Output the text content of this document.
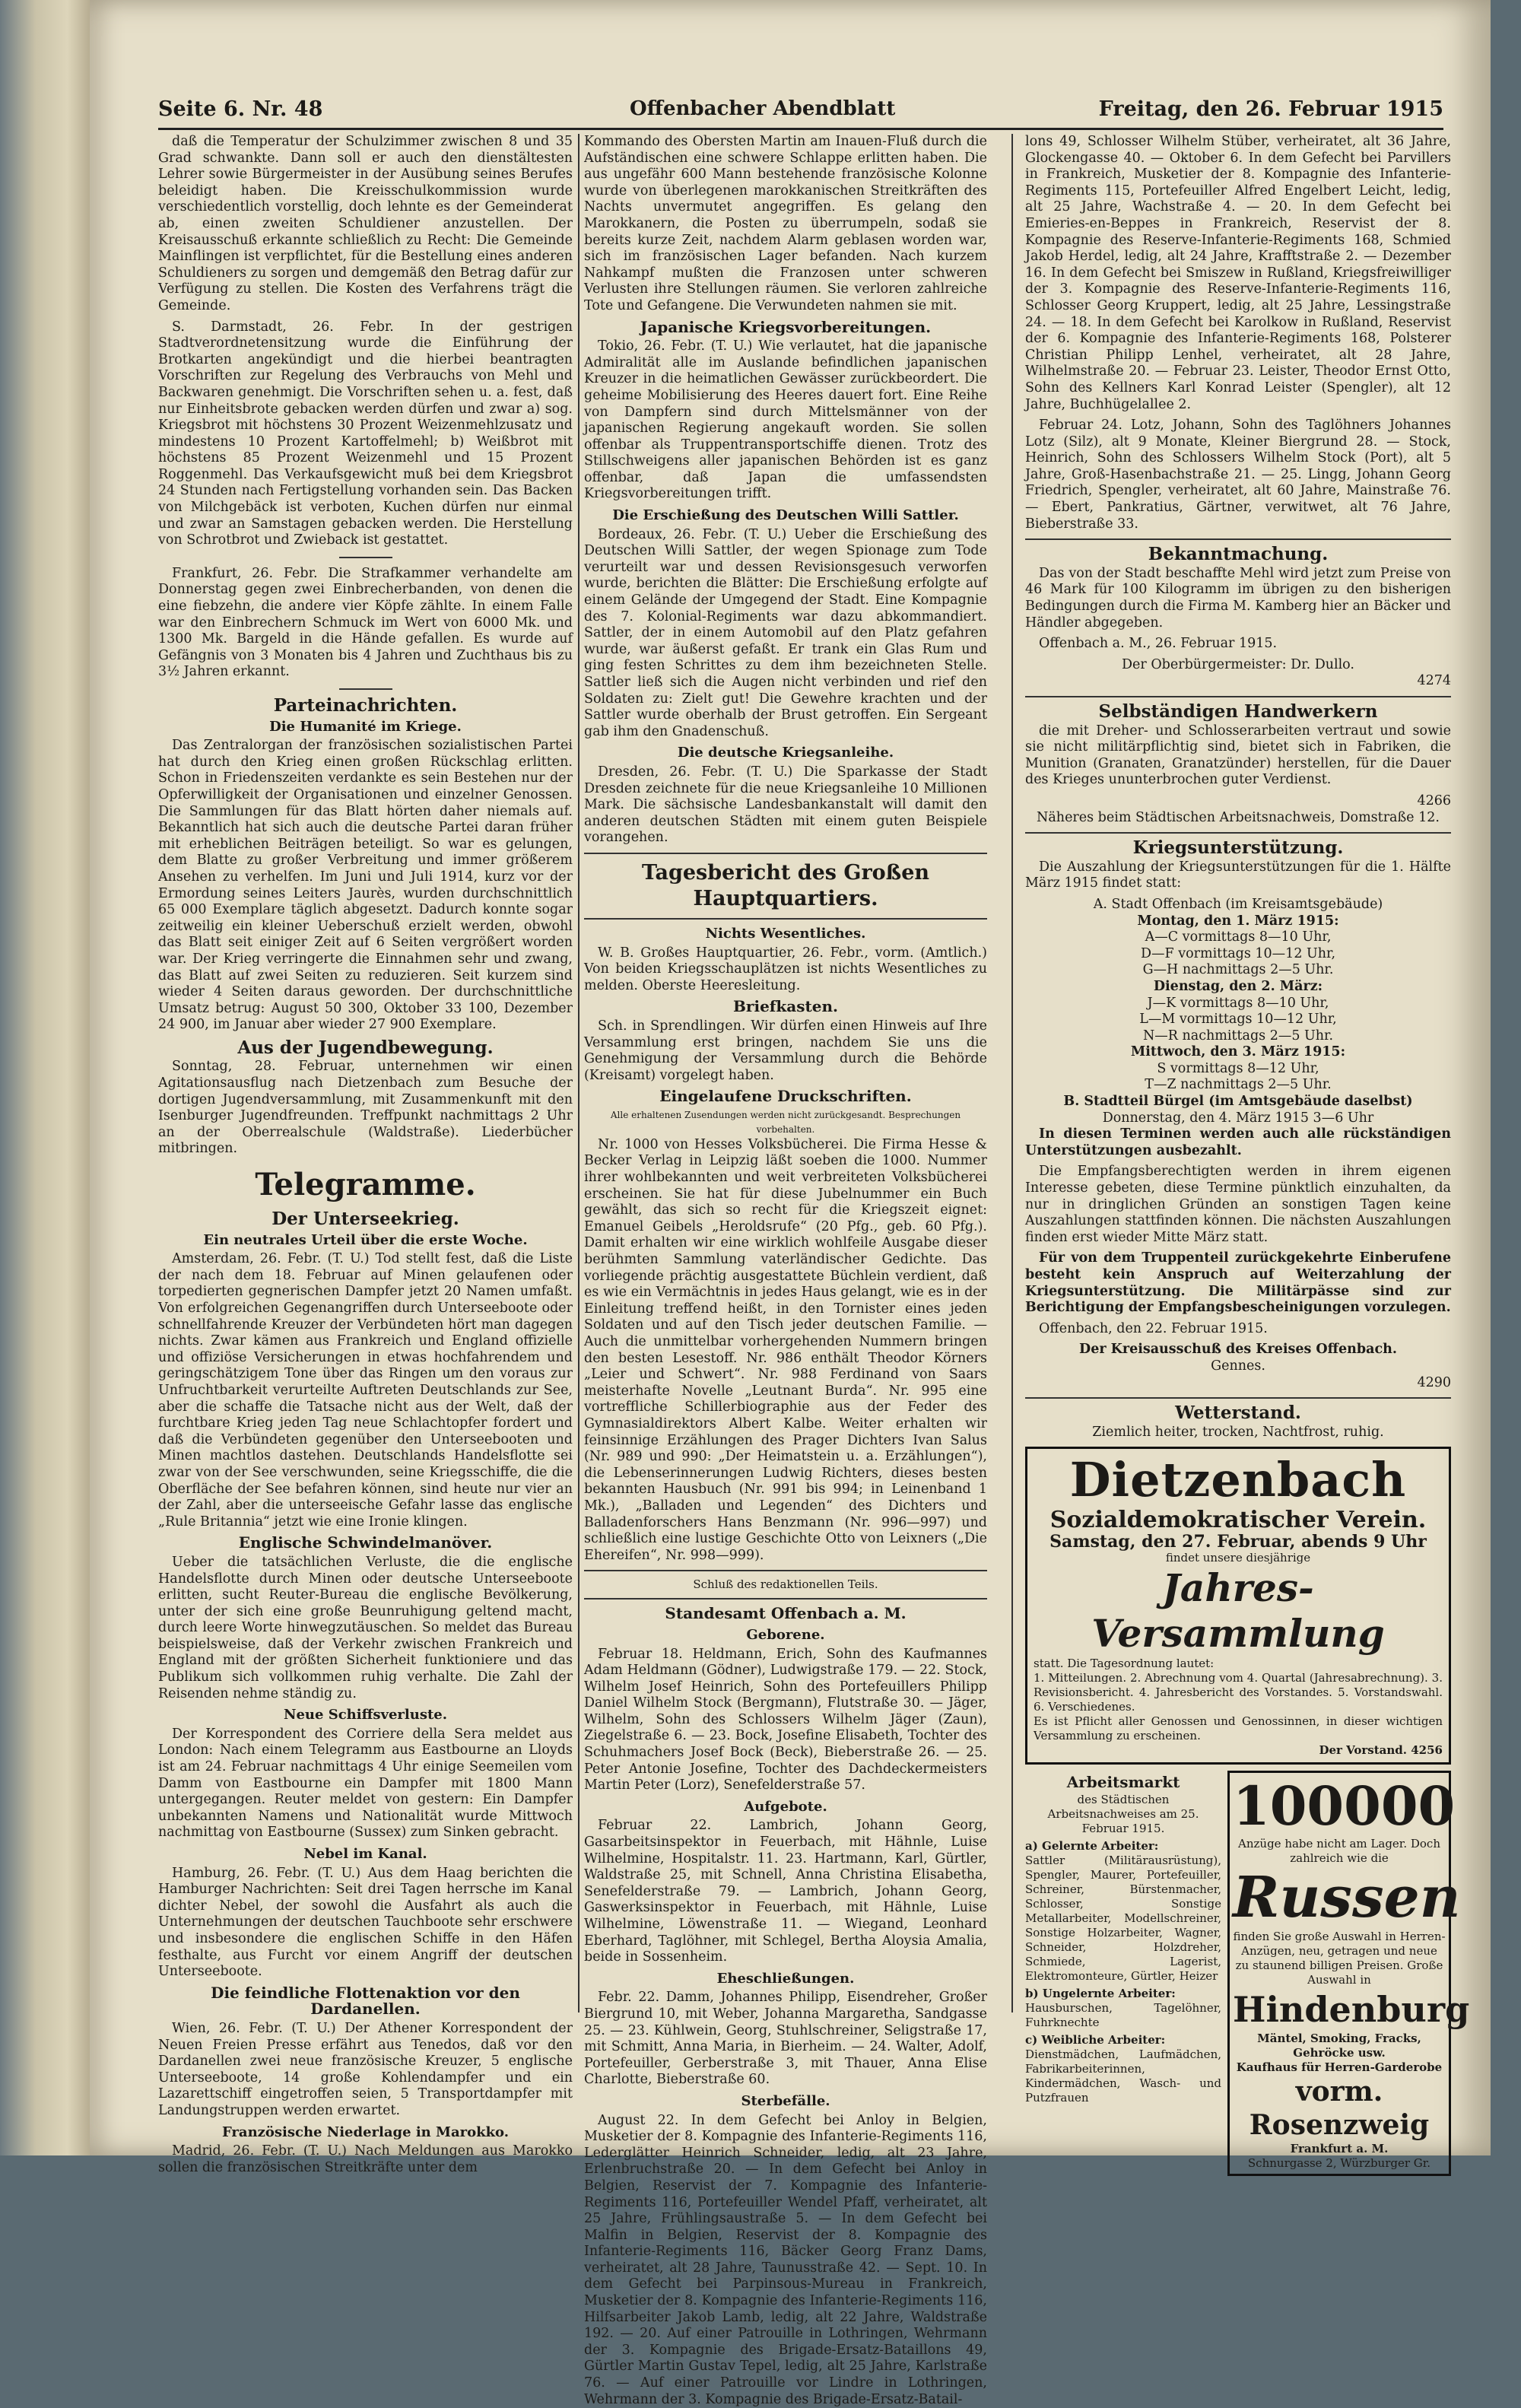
Seite 6. Nr. 48	Offenbacher Abendblatt	Freitag, den 26. Februar 1915

daß die Temperatur der Schulzimmer zwischen 8 und 35 Grad schwankte. Dann soll er auch den dienstältesten Lehrer sowie Bürgermeister in der Ausübung seines Berufes beleidigt haben. Die Kreisschulkommission wurde verschiedentlich vorstellig, doch lehnte es der Gemeinderat ab, einen zweiten Schuldiener anzustellen. Der Kreisausschuß erkannte schließlich zu Recht: Die Gemeinde Mainflingen ist verpflichtet, für die Bestellung eines anderen Schuldieners zu sorgen und demgemäß den Betrag dafür zur Verfügung zu stellen. Die Kosten des Verfahrens trägt die Gemeinde.

S. Darmstadt, 26. Febr. In der gestrigen Stadtverordnetensitzung wurde die Einführung der Brotkarten angekündigt und die hierbei beantragten Vorschriften zur Regelung des Verbrauchs von Mehl und Backwaren genehmigt. Die Vorschriften sehen u. a. fest, daß nur Einheitsbrote gebacken werden dürfen und zwar a) sog. Kriegsbrot mit höchstens 30 Prozent Weizenmehlzusatz und mindestens 10 Prozent Kartoffelmehl; b) Weißbrot mit höchstens 85 Prozent Weizenmehl und 15 Prozent Roggenmehl. Das Verkaufsgewicht muß bei dem Kriegsbrot 24 Stunden nach Fertigstellung vorhanden sein. Das Backen von Milchgebäck ist verboten, Kuchen dürfen nur einmal und zwar an Samstagen gebacken werden. Die Herstellung von Schrotbrot und Zwieback ist gestattet.

Frankfurt, 26. Febr. Die Strafkammer verhandelte am Donnerstag gegen zwei Einbrecherbanden, von denen die eine fiebzehn, die andere vier Köpfe zählte. In einem Falle war den Einbrechern Schmuck im Wert von 6000 Mk. und 1300 Mk. Bargeld in die Hände gefallen. Es wurde auf Gefängnis von 3 Monaten bis 4 Jahren und Zuchthaus bis zu 3½ Jahren erkannt.

Parteinachrichten.
Die Humanité im Kriege.

Das Zentralorgan der französischen sozialistischen Partei hat durch den Krieg einen großen Rückschlag erlitten. Schon in Friedenszeiten verdankte es sein Bestehen nur der Opferwilligkeit der Organisationen und einzelner Genossen. Die Sammlungen für das Blatt hörten daher niemals auf. Bekanntlich hat sich auch die deutsche Partei daran früher mit erheblichen Beiträgen beteiligt. So war es gelungen, dem Blatte zu großer Verbreitung und immer größerem Ansehen zu verhelfen. Im Juni und Juli 1914, kurz vor der Ermordung seines Leiters Jaurès, wurden durchschnittlich 65 000 Exemplare täglich abgesetzt. Dadurch konnte sogar zeitweilig ein kleiner Ueberschuß erzielt werden, obwohl das Blatt seit einiger Zeit auf 6 Seiten vergrößert worden war. Der Krieg verringerte die Einnahmen sehr und zwang, das Blatt auf zwei Seiten zu reduzieren. Seit kurzem sind wieder 4 Seiten daraus geworden. Der durchschnittliche Umsatz betrug: August 50 300, Oktober 33 100, Dezember 24 900, im Januar aber wieder 27 900 Exemplare.

Aus der Jugendbewegung.

Sonntag, 28. Februar, unternehmen wir einen Agitationsausflug nach Dietzenbach zum Besuche der dortigen Jugendversammlung, mit Zusammenkunft mit den Isenburger Jugendfreunden. Treffpunkt nachmittags 2 Uhr an der Oberrealschule (Waldstraße). Liederbücher mitbringen.

Telegramme.
Der Unterseekrieg.
Ein neutrales Urteil über die erste Woche.

Amsterdam, 26. Febr. (T. U.) Tod stellt fest, daß die Liste der nach dem 18. Februar auf Minen gelaufenen oder torpedierten gegnerischen Dampfer jetzt 20 Namen umfaßt. Von erfolgreichen Gegenangriffen durch Unterseeboote oder schnellfahrende Kreuzer der Verbündeten hört man dagegen nichts. Zwar kämen aus Frankreich und England offizielle und offiziöse Versicherungen in etwas hochfahrendem und geringschätzigem Tone über das Ringen um den voraus zur Unfruchtbarkeit verurteilte Auftreten Deutschlands zur See, aber die schaffe die Tatsache nicht aus der Welt, daß der furchtbare Krieg jeden Tag neue Schlachtopfer fordert und daß die Verbündeten gegenüber den Unterseebooten und Minen machtlos dastehen. Deutschlands Handelsflotte sei zwar von der See verschwunden, seine Kriegsschiffe, die die Oberfläche der See befahren können, sind heute nur vier an der Zahl, aber die unterseeische Gefahr lasse das englische „Rule Britannia“ jetzt wie eine Ironie klingen.

Englische Schwindelmanöver.

Ueber die tatsächlichen Verluste, die die englische Handelsflotte durch Minen oder deutsche Unterseeboote erlitten, sucht Reuter-Bureau die englische Bevölkerung, unter der sich eine große Beunruhigung geltend macht, durch leere Worte hinwegzutäuschen. So meldet das Bureau beispielsweise, daß der Verkehr zwischen Frankreich und England mit der größten Sicherheit funktioniere und das Publikum sich vollkommen ruhig verhalte. Die Zahl der Reisenden nehme ständig zu.

Neue Schiffsverluste.

Der Korrespondent des Corriere della Sera meldet aus London: Nach einem Telegramm aus Eastbourne an Lloyds ist am 24. Februar nachmittags 4 Uhr einige Seemeilen vom Damm von Eastbourne ein Dampfer mit 1800 Mann untergegangen. Reuter meldet von gestern: Ein Dampfer unbekannten Namens und Nationalität wurde Mittwoch nachmittag von Eastbourne (Sussex) zum Sinken gebracht.

Nebel im Kanal.

Hamburg, 26. Febr. (T. U.) Aus dem Haag berichten die Hamburger Nachrichten: Seit drei Tagen herrsche im Kanal dichter Nebel, der sowohl die Ausfahrt als auch die Unternehmungen der deutschen Tauchboote sehr erschwere und insbesondere die englischen Schiffe in den Häfen festhalte, aus Furcht vor einem Angriff der deutschen Unterseeboote.

Die feindliche Flottenaktion vor den Dardanellen.

Wien, 26. Febr. (T. U.) Der Athener Korrespondent der Neuen Freien Presse erfährt aus Tenedos, daß vor den Dardanellen zwei neue französische Kreuzer, 5 englische Unterseeboote, 14 große Kohlendampfer und ein Lazarettschiff eingetroffen seien, 5 Transportdampfer mit Landungstruppen werden erwartet.

Französische Niederlage in Marokko.

Madrid, 26. Febr. (T. U.) Nach Meldungen aus Marokko sollen die französischen Streitkräfte unter dem

Kommando des Obersten Martin am Inauen-Fluß durch die Aufständischen eine schwere Schlappe erlitten haben. Die aus ungefähr 600 Mann bestehende französische Kolonne wurde von überlegenen marokkanischen Streitkräften des Nachts unvermutet angegriffen. Es gelang den Marokkanern, die Posten zu überrumpeln, sodaß sie bereits kurze Zeit, nachdem Alarm geblasen worden war, sich im französischen Lager befanden. Nach kurzem Nahkampf mußten die Franzosen unter schweren Verlusten ihre Stellungen räumen. Sie verloren zahlreiche Tote und Gefangene. Die Verwundeten nahmen sie mit.

Japanische Kriegsvorbereitungen.

Tokio, 26. Febr. (T. U.) Wie verlautet, hat die japanische Admiralität alle im Auslande befindlichen japanischen Kreuzer in die heimatlichen Gewässer zurückbeordert. Die geheime Mobilisierung des Heeres dauert fort. Eine Reihe von Dampfern sind durch Mittelsmänner von der japanischen Regierung angekauft worden. Sie sollen offenbar als Truppentransportschiffe dienen. Trotz des Stillschweigens aller japanischen Behörden ist es ganz offenbar, daß Japan die umfassendsten Kriegsvorbereitungen trifft.

Die Erschießung des Deutschen Willi Sattler.

Bordeaux, 26. Febr. (T. U.) Ueber die Erschießung des Deutschen Willi Sattler, der wegen Spionage zum Tode verurteilt war und dessen Revisionsgesuch verworfen wurde, berichten die Blätter: Die Erschießung erfolgte auf einem Gelände der Umgegend der Stadt. Eine Kompagnie des 7. Kolonial-Regiments war dazu abkommandiert. Sattler, der in einem Automobil auf den Platz gefahren wurde, war äußerst gefaßt. Er trank ein Glas Rum und ging festen Schrittes zu dem ihm bezeichneten Stelle. Sattler ließ sich die Augen nicht verbinden und rief den Soldaten zu: Zielt gut! Die Gewehre krachten und der Sattler wurde oberhalb der Brust getroffen. Ein Sergeant gab ihm den Gnadenschuß.

Die deutsche Kriegsanleihe.

Dresden, 26. Febr. (T. U.) Die Sparkasse der Stadt Dresden zeichnete für die neue Kriegsanleihe 10 Millionen Mark. Die sächsische Landesbankanstalt will damit den anderen deutschen Städten mit einem guten Beispiele vorangehen.

Tagesbericht des Großen Hauptquartiers.
Nichts Wesentliches.

W. B. Großes Hauptquartier, 26. Febr., vorm. (Amtlich.) Von beiden Kriegsschauplätzen ist nichts Wesentliches zu melden. Oberste Heeresleitung.

Briefkasten.

Sch. in Sprendlingen. Wir dürfen einen Hinweis auf Ihre Versammlung erst bringen, nachdem Sie uns die Genehmigung der Versammlung durch die Behörde (Kreisamt) vorgelegt haben.

Eingelaufene Druckschriften.
Alle erhaltenen Zusendungen werden nicht zurückgesandt. Besprechungen vorbehalten.

Nr. 1000 von Hesses Volksbücherei. Die Firma Hesse & Becker Verlag in Leipzig läßt soeben die 1000. Nummer ihrer wohlbekannten und weit verbreiteten Volksbücherei erscheinen. Sie hat für diese Jubelnummer ein Buch gewählt, das sich so recht für die Kriegszeit eignet: Emanuel Geibels „Heroldsrufe“ (20 Pfg., geb. 60 Pfg.). Damit erhalten wir eine wirklich wohlfeile Ausgabe dieser berühmten Sammlung vaterländischer Gedichte. Das vorliegende prächtig ausgestattete Büchlein verdient, daß es wie ein Vermächtnis in jedes Haus gelangt, wie es in der Einleitung treffend heißt, in den Tornister eines jeden Soldaten und auf den Tisch jeder deutschen Familie. — Auch die unmittelbar vorhergehenden Nummern bringen den besten Lesestoff. Nr. 986 enthält Theodor Körners „Leier und Schwert“. Nr. 988 Ferdinand von Saars meisterhafte Novelle „Leutnant Burda“. Nr. 995 eine vortreffliche Schillerbiographie aus der Feder des Gymnasialdirektors Albert Kalbe. Weiter erhalten wir feinsinnige Erzählungen des Prager Dichters Ivan Salus (Nr. 989 und 990: „Der Heimatstein u. a. Erzählungen“), die Lebenserinnerungen Ludwig Richters, dieses besten bekannten Hausbuch (Nr. 991 bis 994; in Leinenband 1 Mk.), „Balladen und Legenden“ des Dichters und Balladenforschers Hans Benzmann (Nr. 996—997) und schließlich eine lustige Geschichte Otto von Leixners („Die Ehereifen“, Nr. 998—999).

Schluß des redaktionellen Teils.
Standesamt Offenbach a. M.
Geborene.

Februar 18. Heldmann, Erich, Sohn des Kaufmannes Adam Heldmann (Gödner), Ludwigstraße 179. — 22. Stock, Wilhelm Josef Heinrich, Sohn des Portefeuillers Philipp Daniel Wilhelm Stock (Bergmann), Flutstraße 30. — Jäger, Wilhelm, Sohn des Schlossers Wilhelm Jäger (Zaun), Ziegelstraße 6. — 23. Bock, Josefine Elisabeth, Tochter des Schuhmachers Josef Bock (Beck), Bieberstraße 26. — 25. Peter Antonie Josefine, Tochter des Dachdeckermeisters Martin Peter (Lorz), Senefelderstraße 57.

Aufgebote.

Februar 22. Lambrich, Johann Georg, Gasarbeitsinspektor in Feuerbach, mit Hähnle, Luise Wilhelmine, Hospitalstr. 11. 23. Hartmann, Karl, Gürtler, Waldstraße 25, mit Schnell, Anna Christina Elisabetha, Senefelderstraße 79. — Lambrich, Johann Georg, Gaswerksinspektor in Feuerbach, mit Hähnle, Luise Wilhelmine, Löwenstraße 11. — Wiegand, Leonhard Eberhard, Taglöhner, mit Schlegel, Bertha Aloysia Amalia, beide in Sossenheim.

Eheschließungen.

Febr. 22. Damm, Johannes Philipp, Eisendreher, Großer Biergrund 10, mit Weber, Johanna Margaretha, Sandgasse 25. — 23. Kühlwein, Georg, Stuhlschreiner, Seligstraße 17, mit Schmitt, Anna Maria, in Bierheim. — 24. Walter, Adolf, Portefeuiller, Gerberstraße 3, mit Thauer, Anna Elise Charlotte, Bieberstraße 60.

Sterbefälle.

August 22. In dem Gefecht bei Anloy in Belgien, Musketier der 8. Kompagnie des Infanterie-Regiments 116, Lederglätter Heinrich Schneider, ledig, alt 23 Jahre, Erlenbruchstraße 20. — In dem Gefecht bei Anloy in Belgien, Reservist der 7. Kompagnie des Infanterie-Regiments 116, Portefeuiller Wendel Pfaff, verheiratet, alt 25 Jahre, Frühlingsaustraße 5. — In dem Gefecht bei Malfin in Belgien, Reservist der 8. Kompagnie des Infanterie-Regiments 116, Bäcker Georg Franz Dams, verheiratet, alt 28 Jahre, Taunusstraße 42. — Sept. 10. In dem Gefecht bei Parpinsous-Mureau in Frankreich, Musketier der 8. Kompagnie des Infanterie-Regiments 116, Hilfsarbeiter Jakob Lamb, ledig, alt 22 Jahre, Waldstraße 192. — 20. Auf einer Patrouille in Lothringen, Wehrmann der 3. Kompagnie des Brigade-Ersatz-Bataillons 49, Gürtler Martin Gustav Tepel, ledig, alt 25 Jahre, Karlstraße 76. — Auf einer Patrouille vor Lindre in Lothringen, Wehrmann der 3. Kompagnie des Brigade-Ersatz-Batail-

lons 49, Schlosser Wilhelm Stüber, verheiratet, alt 36 Jahre, Glockengasse 40. — Oktober 6. In dem Gefecht bei Parvillers in Frankreich, Musketier der 8. Kompagnie des Infanterie-Regiments 115, Portefeuiller Alfred Engelbert Leicht, ledig, alt 25 Jahre, Wachstraße 4. — 20. In dem Gefecht bei Emieries-en-Beppes in Frankreich, Reservist der 8. Kompagnie des Reserve-Infanterie-Regiments 168, Schmied Jakob Herdel, ledig, alt 24 Jahre, Krafftstraße 2. — Dezember 16. In dem Gefecht bei Smiszew in Rußland, Kriegsfreiwilliger der 3. Kompagnie des Reserve-Infanterie-Regiments 116, Schlosser Georg Kruppert, ledig, alt 25 Jahre, Lessingstraße 24. — 18. In dem Gefecht bei Karolkow in Rußland, Reservist der 6. Kompagnie des Infanterie-Regiments 168, Polsterer Christian Philipp Lenhel, verheiratet, alt 28 Jahre, Wilhelmstraße 20. — Februar 23. Leister, Theodor Ernst Otto, Sohn des Kellners Karl Konrad Leister (Spengler), alt 12 Jahre, Buchhügelallee 2.

Februar 24. Lotz, Johann, Sohn des Taglöhners Johannes Lotz (Silz), alt 9 Monate, Kleiner Biergrund 28. — Stock, Heinrich, Sohn des Schlossers Wilhelm Stock (Port), alt 5 Jahre, Groß-Hasenbachstraße 21. — 25. Lingg, Johann Georg Friedrich, Spengler, verheiratet, alt 60 Jahre, Mainstraße 76. — Ebert, Pankratius, Gärtner, verwitwet, alt 76 Jahre, Bieberstraße 33.

Bekanntmachung.

Das von der Stadt beschaffte Mehl wird jetzt zum Preise von 46 Mark für 100 Kilogramm im übrigen zu den bisherigen Bedingungen durch die Firma M. Kamberg hier an Bäcker und Händler abgegeben.

Offenbach a. M., 26. Februar 1915.

Der Oberbürgermeister: Dr. Dullo.
4274
Selbständigen Handwerkern

die mit Dreher- und Schlosserarbeiten vertraut und sowie sie nicht militärpflichtig sind, bietet sich in Fabriken, die Munition (Granaten, Granatzünder) herstellen, für die Dauer des Krieges ununterbrochen guter Verdienst.

4266
Näheres beim Städtischen Arbeitsnachweis, Domstraße 12.
Kriegsunterstützung.

Die Auszahlung der Kriegsunterstützungen für die 1. Hälfte März 1915 findet statt:

A. Stadt Offenbach (im Kreisamtsgebäude)
Montag, den 1. März 1915:
A—C vormittags 8—10 Uhr,
D—F vormittags 10—12 Uhr,
G—H nachmittags 2—5 Uhr.
Dienstag, den 2. März:
J—K vormittags 8—10 Uhr,
L—M vormittags 10—12 Uhr,
N—R nachmittags 2—5 Uhr.
Mittwoch, den 3. März 1915:
S vormittags 8—12 Uhr,
T—Z nachmittags 2—5 Uhr.
B. Stadtteil Bürgel (im Amtsgebäude daselbst)
Donnerstag, den 4. März 1915 3—6 Uhr

In diesen Terminen werden auch alle rückständigen Unterstützungen ausbezahlt.

Die Empfangsberechtigten werden in ihrem eigenen Interesse gebeten, diese Termine pünktlich einzuhalten, da nur in dringlichen Gründen an sonstigen Tagen keine Auszahlungen stattfinden können. Die nächsten Auszahlungen finden erst wieder Mitte März statt.

Für von dem Truppenteil zurückgekehrte Einberufene besteht kein Anspruch auf Weiterzahlung der Kriegsunterstützung. Die Militärpässe sind zur Berichtigung der Empfangsbescheinigungen vorzulegen.

Offenbach, den 22. Februar 1915.

Der Kreisausschuß des Kreises Offenbach.
Gennes.
4290
Wetterstand.
Ziemlich heiter, trocken, Nachtfrost, ruhig.
Dietzenbach
Sozialdemokratischer Verein.
Samstag, den 27. Februar, abends 9 Uhr
findet unsere diesjährige
Jahres-Versammlung
statt. Die Tagesordnung lautet:
1. Mitteilungen. 2. Abrechnung vom 4. Quartal (Jahresabrechnung). 3. Revisionsbericht. 4. Jahresbericht des Vorstandes. 5. Vorstandswahl. 6. Verschiedenes.
Es ist Pflicht aller Genossen und Genossinnen, in dieser wichtigen Versammlung zu erscheinen.
Der Vorstand. 4256
Arbeitsmarkt
des Städtischen Arbeitsnachweises am 25. Februar 1915.
a) Gelernte Arbeiter:
Sattler (Militärausrüstung), Spengler, Maurer, Portefeuiller, Schreiner, Bürstenmacher, Schlosser, Sonstige Metallarbeiter, Modellschreiner, Sonstige Holzarbeiter, Wagner, Schneider, Holzdreher, Schmiede, Lagerist, Elektromonteure, Gürtler, Heizer
b) Ungelernte Arbeiter:
Hausburschen, Tagelöhner, Fuhrknechte
c) Weibliche Arbeiter:
Dienstmädchen, Laufmädchen, Fabrikarbeiterinnen, Kindermädchen, Wasch- und Putzfrauen
100000
Anzüge habe nicht am Lager. Doch zahlreich wie die
Russen
finden Sie große Auswahl in Herren-Anzügen, neu, getragen und neue zu staunend billigen Preisen. Große Auswahl in
Hindenburg
Mäntel, Smoking, Fracks, Gehröcke usw.
Kaufhaus für Herren-Garderobe
vorm. Rosenzweig
Frankfurt a. M.
Schnurgasse 2, Würzburger Gr.
